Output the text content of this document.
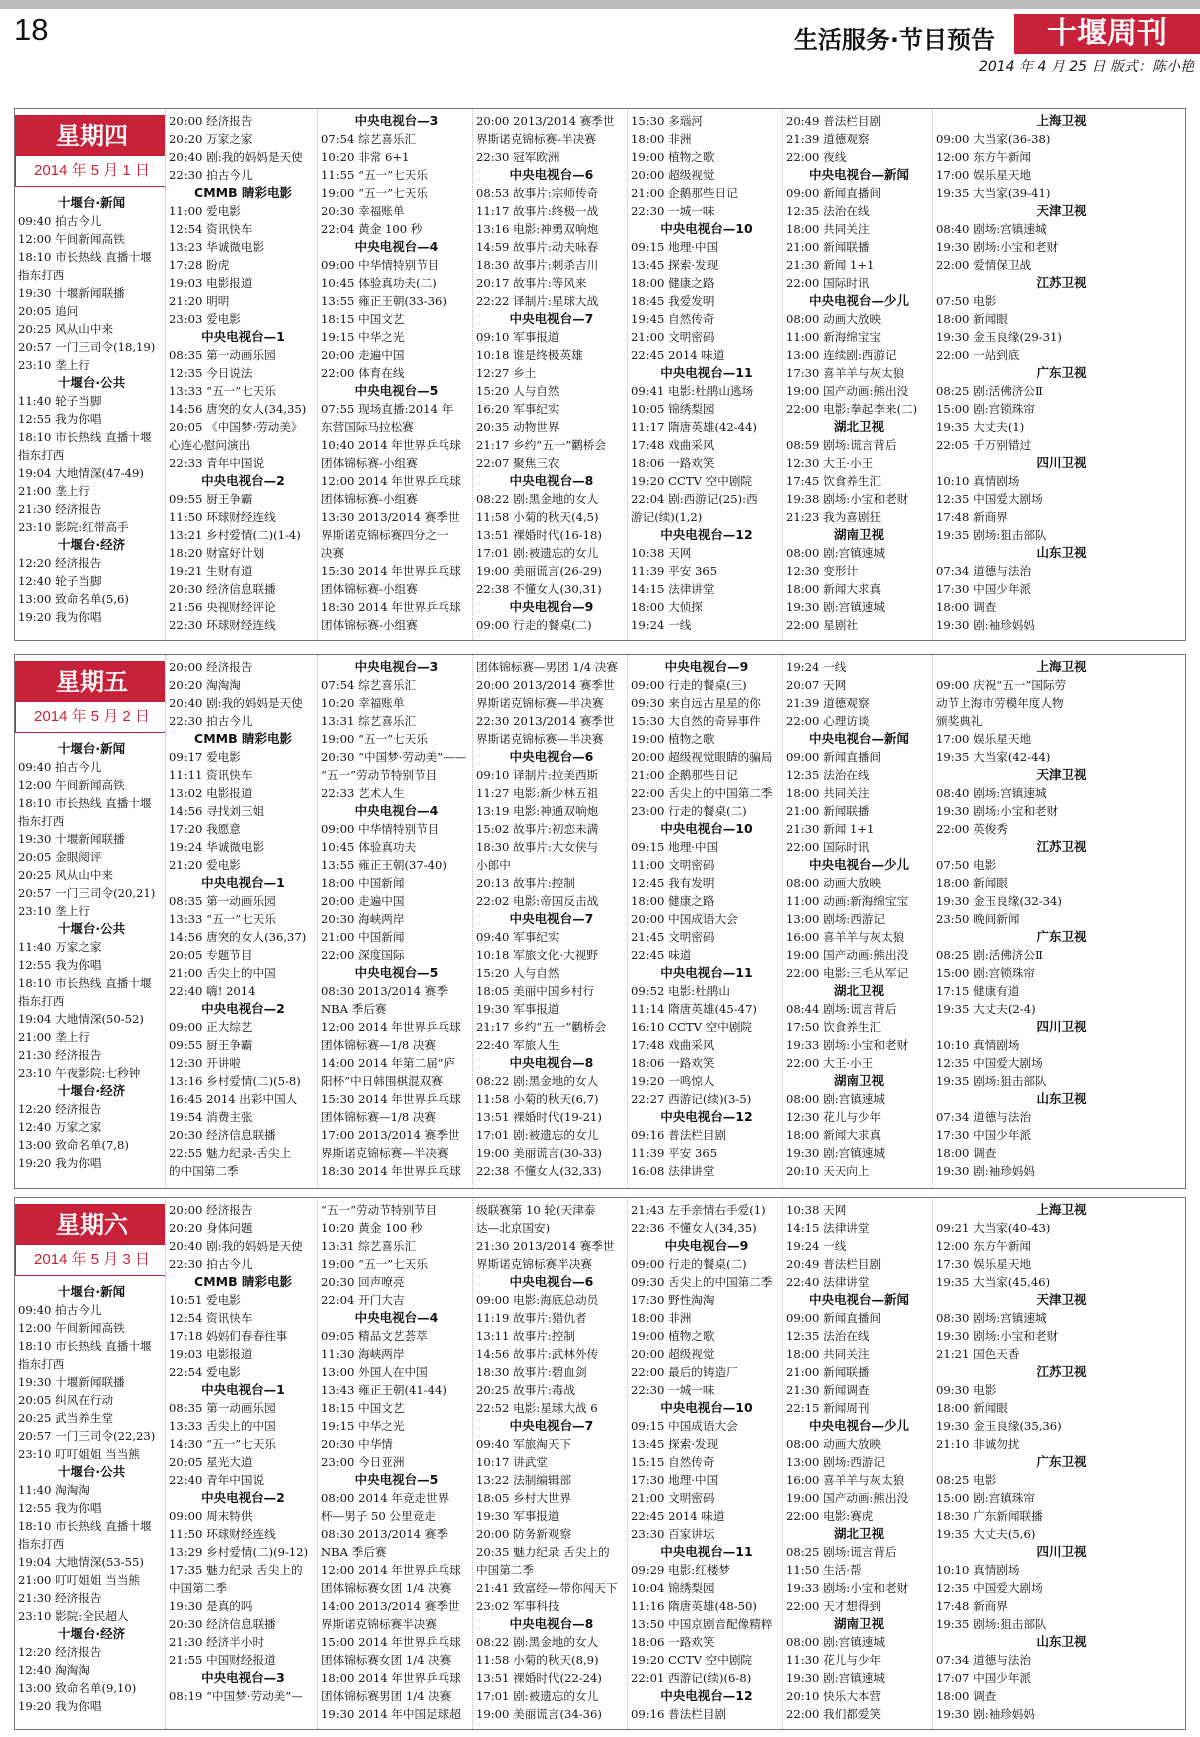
18	生活服务·节目预告	十堰周刊
2014 年 4 月 25 日 版式：陈小艳
星期四
2014 年 5 月 1 日
十堰台·新闻
09:40 拍古今儿
12:00 午间新闻高铁
18:10 市长热线 直播十堰
指东打西
19:30 十堰新闻联播
20:05 追问
20:25 风从山中来
20:57 一门三司令(18,19)
23:10 垄上行
十堰台·公共
11:40 轮子当脚
12:55 我为你唱
18:10 市长热线 直播十堰
指东打西
19:04 大地情深(47-49)
21:00 垄上行
21:30 经济报告
23:10 影院:红带高手
十堰台·经济
12:20 经济报告
12:40 轮子当脚
13:00 致命名单(5,6)
19:20 我为你唱
20:00 经济报告
20:20 万家之家
20:40 剧:我的妈妈是天使
22:30 拍古今儿
CMMB 睛彩电影
11:00 爱电影
12:54 资讯快车
13:23 华诚微电影
17:28 盼虎
19:03 电影报道
21:20 明明
23:03 爱电影
中央电视台—1
08:35 第一动画乐园
12:35 今日说法
13:33 “五一”七天乐
14:56 唐突的女人(34,35)
20:05 《中国梦·劳动美》
心连心慰问演出
22:33 青年中国说
中央电视台—2
09:55 厨王争霸
11:50 环球财经连线
13:21 乡村爱情(二)(1-4)
18:20 财富好计划
19:21 生财有道
20:30 经济信息联播
21:56 央视财经评论
22:30 环球财经连线
中央电视台—3
07:54 综艺喜乐汇
10:20 非常 6+1
11:55 “五一”七天乐
19:00 “五一”七天乐
20:30 幸福账单
22:04 黄金 100 秒
中央电视台—4
09:00 中华情特别节目
10:45 体验真功夫(二)
13:55 雍正王朝(33-36)
18:15 中国文艺
19:15 中华之光
20:00 走遍中国
22:00 体育在线
中央电视台—5
07:55 现场直播:2014 年
东营国际马拉松赛
10:40 2014 年世界乒乓球
团体锦标赛-小组赛
12:00 2014 年世界乒乓球
团体锦标赛-小组赛
13:30 2013/2014 赛季世
界斯诺克锦标赛四分之一
决赛
15:30 2014 年世界乒乓球
团体锦标赛-小组赛
18:30 2014 年世界乒乓球
团体锦标赛-小组赛
20:00 2013/2014 赛季世
界斯诺克锦标赛-半决赛
22:30 冠军欧洲
中央电视台—6
08:53 故事片:宗师传奇
11:17 故事片:终极一战
13:16 电影:神勇双响炮
14:59 故事片:动夫咏春
18:30 故事片:刺杀吉川
20:17 故事片:等风来
22:22 译制片:星球大战
中央电视台—7
09:10 军事报道
10:18 谁是终极英雄
12:27 乡土
15:20 人与自然
16:20 军事纪实
20:35 动物世界
21:17 乡约“五一”鹳桥会
22:07 聚焦三农
中央电视台—8
08:22 剧:黑金地的女人
11:58 小菊的秋天(4,5)
13:51 裸婚时代(16-18)
17:01 剧:被遗忘的女儿
19:00 美丽谎言(26-29)
22:38 不懂女人(30,31)
中央电视台—9
09:00 行走的餐桌(二)
15:30 多瑙河
18:00 非洲
19:00 植物之歌
20:00 超级视觉
21:00 企鹅那些日记
22:30 一城一味
中央电视台—10
09:15 地理·中国
13:45 探索·发现
18:00 健康之路
18:45 我爱发明
19:45 自然传奇
21:00 文明密码
22:45 2014 味道
中央电视台—11
09:41 电影:杜鹃山逃场
10:05 锦绣梨园
11:17 隋唐英雄(42-44)
17:48 戏曲采风
18:06 一路欢笑
19:20 CCTV 空中剧院
22:04 剧:西游记(25):西
游记(续)(1,2)
中央电视台—12
10:38 天网
11:39 平安 365
14:15 法律讲堂
18:00 大侦探
19:24 一线
20:49 普法栏目剧
21:39 道德观察
22:00 夜线
中央电视台—新闻
09:00 新闻直播间
12:35 法治在线
18:00 共同关注
21:00 新闻联播
21:30 新闻 1+1
22:00 国际时讯
中央电视台—少儿
08:00 动画大放映
11:00 新海绵宝宝
13:00 连续剧:西游记
17:30 喜羊羊与灰太狼
19:00 国产动画:熊出没
22:00 电影:拳起李来(二)
湖北卫视
08:59 剧场:谎言背后
12:30 大王·小王
17:45 饮食养生汇
19:38 剧场:小宝和老财
21:23 我为喜剧狂
湖南卫视
08:00 剧:宫镇速城
12:30 变形计
18:00 新闻大求真
19:30 剧:宫镇速城
22:00 星剧社
上海卫视
09:00 大当家(36-38)
12:00 东方午新闻
17:00 娱乐星天地
19:35 大当家(39-41)
天津卫视
08:40 剧场:宫镇速城
19:30 剧场:小宝和老财
22:00 爱情保卫战
江苏卫视
07:50 电影
18:00 新闻眼
19:30 金玉良缘(29-31)
22:00 一站到底
广东卫视
08:25 剧:活佛济公Ⅱ
15:00 剧:宫锁珠帘
19:35 大丈夫(1)
22:05 千万别错过
四川卫视
10:10 真情剧场
12:35 中国爱大剧场
17:48 新商界
19:35 剧场:狙击部队
山东卫视
07:34 道德与法治
17:30 中国少年派
18:00 调查
19:30 剧:袖珍妈妈
星期五
2014 年 5 月 2 日
十堰台·新闻
09:40 拍古今儿
12:00 午间新闻高铁
18:10 市长热线 直播十堰
指东打西
19:30 十堰新闻联播
20:05 金眼阅评
20:25 风从山中来
20:57 一门三司令(20,21)
23:10 垄上行
十堰台·公共
11:40 万家之家
12:55 我为你唱
18:10 市长热线 直播十堰
指东打西
19:04 大地情深(50-52)
21:00 垄上行
21:30 经济报告
23:10 午夜影院:七秒钟
十堰台·经济
12:20 经济报告
12:40 万家之家
13:00 致命名单(7,8)
19:20 我为你唱
20:00 经济报告
20:20 淘淘淘
20:40 剧:我的妈妈是天使
22:30 拍古今儿
CMMB 睛彩电影
09:17 爱电影
11:11 资讯快车
13:02 电影报道
14:56 寻找刘三姐
17:20 我愿意
19:24 华诚微电影
21:20 爱电影
中央电视台—1
08:35 第一动画乐园
13:33 “五一”七天乐
14:56 唐突的女人(36,37)
20:05 专题节目
21:00 舌尖上的中国
22:40 嗨! 2014
中央电视台—2
09:00 正大综艺
09:55 厨王争霸
12:30 开讲啦
13:16 乡村爱情(二)(5-8)
16:45 2014 出彩中国人
19:54 消费主张
20:30 经济信息联播
22:55 魅力纪录-舌尖上
的中国第二季
中央电视台—3
07:54 综艺喜乐汇
10:20 幸福账单
13:31 综艺喜乐汇
19:00 “五一”七天乐
20:30 “中国梦·劳动美”——
“五一”劳动节特别节目
22:33 艺术人生
中央电视台—4
09:00 中华情特别节目
10:45 体验真功夫
13:55 雍正王朝(37-40)
18:00 中国新闻
20:00 走遍中国
20:30 海峡两岸
21:00 中国新闻
22:00 深度国际
中央电视台—5
08:30 2013/2014 赛季
NBA 季后赛
12:00 2014 年世界乒乓球
团体锦标赛—1/8 决赛
14:00 2014 年第二届“庐
阳杯”中日韩围棋混双赛
15:30 2014 年世界乒乓球
团体锦标赛—1/8 决赛
17:00 2013/2014 赛季世
界斯诺克锦标赛—半决赛
18:30 2014 年世界乒乓球
团体锦标赛—男团 1/4 决赛
20:00 2013/2014 赛季世
界斯诺克锦标赛—半决赛
22:30 2013/2014 赛季世
界斯诺克锦标赛—半决赛
中央电视台—6
09:10 译制片:拉美西斯
11:27 电影:新少林五祖
13:19 电影:神通双响炮
15:02 故事片:初恋未满
18:30 故事片:大女侠与
小郎中
20:13 故事片:控制
22:02 电影:帝国反击战
中央电视台—7
09:40 军事纪实
10:18 军旅文化·大视野
15:20 人与自然
18:05 美丽中国乡村行
19:30 军事报道
21:17 乡约“五一”鹳桥会
22:40 军旅人生
中央电视台—8
08:22 剧:黑金地的女人
11:58 小菊的秋天(6,7)
13:51 裸婚时代(19-21)
17:01 剧:被遗忘的女儿
19:00 美丽谎言(30-33)
22:38 不懂女人(32,33)
中央电视台—9
09:00 行走的餐桌(三)
09:30 来自远古星星的你
15:30 大自然的奇异事件
19:00 植物之歌
20:00 超级视觉眼睛的骗局
21:00 企鹅那些日记
22:00 舌尖上的中国第二季
23:00 行走的餐桌(二)
中央电视台—10
09:15 地理·中国
11:00 文明密码
12:45 我有发明
18:00 健康之路
20:00 中国成语大会
21:45 文明密码
22:45 味道
中央电视台—11
09:52 电影:杜鹃山
11:14 隋唐英雄(45-47)
16:10 CCTV 空中剧院
17:48 戏曲采风
18:06 一路欢笑
19:20 一鸣惊人
22:27 西游记(续)(3-5)
中央电视台—12
09:16 普法栏目剧
11:39 平安 365
16:08 法律讲堂
19:24 一线
20:07 天网
21:39 道德观察
22:00 心理访谈
中央电视台—新闻
09:00 新闻直播间
12:35 法治在线
18:00 共同关注
21:00 新闻联播
21:30 新闻 1+1
22:00 国际时讯
中央电视台—少儿
08:00 动画大放映
11:00 动画:新海绵宝宝
13:00 剧场:西游记
16:00 喜羊羊与灰太狼
19:00 国产动画:熊出没
22:00 电影:三毛从军记
湖北卫视
08:44 剧场:谎言背后
17:50 饮食养生汇
19:33 剧场:小宝和老财
22:00 大王·小王
湖南卫视
08:00 剧:宫镇速城
12:30 花儿与少年
18:00 新闻大求真
19:30 剧:宫镇速城
20:10 天天向上
上海卫视
09:00 庆祝“五一”国际劳
动节上海市劳模年度人物
颁奖典礼
17:00 娱乐星天地
19:35 大当家(42-44)
天津卫视
08:40 剧场:宫镇速城
19:30 剧场:小宝和老财
22:00 英俊秀
江苏卫视
07:50 电影
18:00 新闻眼
19:30 金玉良缘(32-34)
23:50 晚间新闻
广东卫视
08:25 剧:活佛济公Ⅱ
15:00 剧:宫锁珠帘
17:15 健康有道
19:35 大丈夫(2-4)
四川卫视
10:10 真情剧场
12:35 中国爱大剧场
19:35 剧场:狙击部队
山东卫视
07:34 道德与法治
17:30 中国少年派
18:00 调查
19:30 剧:袖珍妈妈
星期六
2014 年 5 月 3 日
十堰台·新闻
09:40 拍古今儿
12:00 午间新闻高铁
18:10 市长热线 直播十堰
指东打西
19:30 十堰新闻联播
20:05 纠风在行动
20:25 武当养生堂
20:57 一门三司令(22,23)
23:10 叮叮姐姐 当当熊
十堰台·公共
11:40 淘淘淘
12:55 我为你唱
18:10 市长热线 直播十堰
指东打西
19:04 大地情深(53-55)
21:00 叮叮姐姐 当当熊
21:30 经济报告
23:10 影院:全民超人
十堰台·经济
12:20 经济报告
12:40 淘淘淘
13:00 致命名单(9,10)
19:20 我为你唱
20:00 经济报告
20:20 身体问题
20:40 剧:我的妈妈是天使
22:30 拍古今儿
CMMB 睛彩电影
10:51 爱电影
12:54 资讯快车
17:18 妈妈们春春往事
19:03 电影报道
22:54 爱电影
中央电视台—1
08:35 第一动画乐园
13:33 舌尖上的中国
14:30 “五一”七天乐
20:05 星光大道
22:40 青年中国说
中央电视台—2
09:00 周末特供
11:50 环球财经连线
13:29 乡村爱情(二)(9-12)
17:35 魅力纪录 舌尖上的
中国第二季
19:30 是真的吗
20:30 经济信息联播
21:30 经济半小时
21:55 中国财经报道
中央电视台—3
08:19 “中国梦·劳动美”—
“五一”劳动节特别节目
10:20 黄金 100 秒
13:31 综艺喜乐汇
19:00 “五一”七天乐
20:30 回声嘹亮
22:04 开门大吉
中央电视台—4
09:05 精品文艺荟萃
11:30 海峡两岸
13:00 外国人在中国
13:43 雍正王朝(41-44)
18:15 中国文艺
19:15 中华之光
20:30 中华情
23:00 今日亚洲
中央电视台—5
08:00 2014 年竞走世界
杯—男子 50 公里竞走
08:30 2013/2014 赛季
NBA 季后赛
12:00 2014 年世界乒乓球
团体锦标赛女团 1/4 决赛
14:00 2013/2014 赛季世
界斯诺克锦标赛半决赛
15:00 2014 年世界乒乓球
团体锦标赛女团 1/4 决赛
18:00 2014 年世界乒乓球
团体锦标赛男团 1/4 决赛
19:30 2014 年中国足球超
级联赛第 10 轮(天津泰
达—北京国安)
21:30 2013/2014 赛季世
界斯诺克锦标赛半决赛
中央电视台—6
09:00 电影:海底总动员
11:19 故事片:猎仇者
13:11 故事片:控制
14:56 故事片:武林外传
18:30 故事片:碧血剑
20:25 故事片:毒战
22:52 电影:星球大战 6
中央电视台—7
09:40 军旅淘天下
10:17 讲武堂
13:22 法制编辑部
18:05 乡村大世界
19:30 军事报道
20:00 防务新观察
20:35 魅力纪录 舌尖上的
中国第二季
21:41 致富经—带你闯天下
23:02 军事科技
中央电视台—8
08:22 剧:黑金地的女人
11:58 小菊的秋天(8,9)
13:51 裸婚时代(22-24)
17:01 剧:被遗忘的女儿
19:00 美丽谎言(34-36)
21:43 左手亲情右手爱(1)
22:36 不懂女人(34,35)
中央电视台—9
09:00 行走的餐桌(二)
09:30 舌尖上的中国第二季
17:30 野性淘淘
18:00 非洲
19:00 植物之歌
20:00 超级视觉
22:00 最后的铸造厂
22:30 一城一味
中央电视台—10
09:15 中国成语大会
13:45 探索·发现
15:15 自然传奇
17:30 地理·中国
21:00 文明密码
22:45 2014 味道
23:30 百家讲坛
中央电视台—11
09:29 电影:红楼梦
10:04 锦绣梨园
11:16 隋唐英雄(48-50)
13:50 中国京剧音配像精粹
18:06 一路欢笑
19:20 CCTV 空中剧院
22:01 西游记(续)(6-8)
中央电视台—12
09:16 普法栏目剧
10:38 天网
14:15 法律讲堂
19:24 一线
20:49 普法栏目剧
22:40 法律讲堂
中央电视台—新闻
09:00 新闻直播间
12:35 法治在线
18:00 共同关注
21:00 新闻联播
21:30 新闻调查
22:15 新闻周刊
中央电视台—少儿
08:00 动画大放映
13:00 剧场:西游记
16:00 喜羊羊与灰太狼
19:00 国产动画:熊出没
22:00 电影:赛虎
湖北卫视
08:25 剧场:谎言背后
11:50 生活·帮
19:33 剧场:小宝和老财
22:00 天才想得到
湖南卫视
08:00 剧:宫镇速城
11:30 花儿与少年
19:30 剧:宫镇速城
20:10 快乐大本营
22:00 我们都爱笑
上海卫视
09:21 大当家(40-43)
12:00 东方午新闻
17:30 娱乐星天地
19:35 大当家(45,46)
天津卫视
08:30 剧场:宫镇速城
19:30 剧场:小宝和老财
21:21 国色天香
江苏卫视
09:30 电影
18:00 新闻眼
19:30 金玉良缘(35,36)
21:10 非诚勿扰
广东卫视
08:25 电影
15:00 剧:宫镇珠帘
18:30 广东新闻联播
19:35 大丈夫(5,6)
四川卫视
10:10 真情剧场
12:35 中国爱大剧场
17:48 新商界
19:35 剧场:狙击部队
山东卫视
07:34 道德与法治
17:07 中国少年派
18:00 调查
19:30 剧:袖珍妈妈
